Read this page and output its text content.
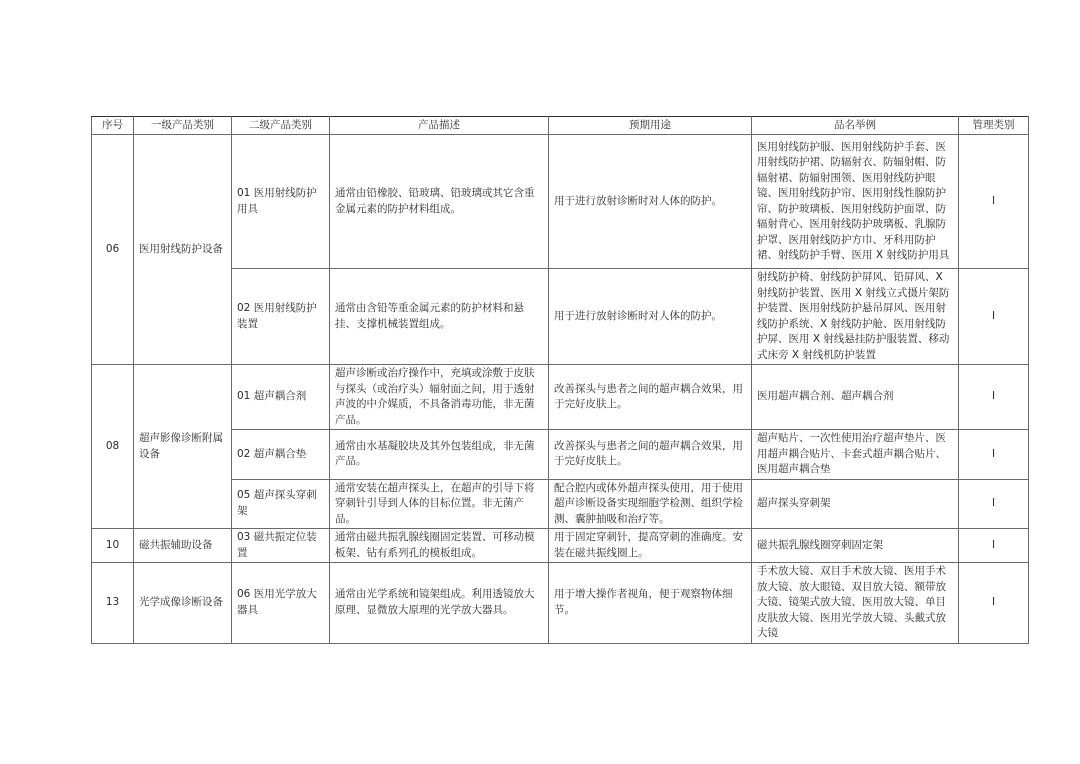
序号	一级产品类别	二级产品类别	产品描述	预期用途	品名举例	管理类别
06	医用射线防护设备	01 医用射线防护用具	通常由铅橡胶、铅玻璃、铅玻璃或其它含重金属元素的防护材料组成。	用于进行放射诊断时对人体的防护。	医用射线防护服、医用射线防护手套、医用射线防护裙、防辐射衣、防辐射帽、防辐射裙、防辐射围领、医用射线防护眼镜、医用射线防护帘、医用射线性腺防护帘、防护玻璃板、医用射线防护面罩、防辐射背心、医用射线防护玻璃板、乳腺防护罩、医用射线防护方巾、牙科用防护裙、射线防护手臂、医用 X 射线防护用具	I
		02 医用射线防护装置	通常由含铅等重金属元素的防护材料和悬挂、支撑机械装置组成。	用于进行放射诊断时对人体的防护。	射线防护椅、射线防护屏风、铅屏风、X 射线防护装置、医用 X 射线立式摄片架防护装置、医用射线防护悬吊屏风、医用射线防护系统、X 射线防护舱、医用射线防护屏、医用 X 射线悬挂防护服装置、移动式床旁 X 射线机防护装置	I
08	超声影像诊断附属设备	01 超声耦合剂	超声诊断或治疗操作中，充填或涂敷于皮肤与探头（或治疗头）辐射面之间，用于透射声波的中介媒质，不具备消毒功能，非无菌产品。	改善探头与患者之间的超声耦合效果，用于完好皮肤上。	医用超声耦合剂、超声耦合剂	I
		02 超声耦合垫	通常由水基凝胶块及其外包装组成，非无菌产品。	改善探头与患者之间的超声耦合效果，用于完好皮肤上。	超声贴片、一次性使用治疗超声垫片、医用超声耦合贴片、卡套式超声耦合贴片、医用超声耦合垫	I
		05 超声探头穿刺架	通常安装在超声探头上，在超声的引导下将穿刺针引导到人体的目标位置。非无菌产品。	配合腔内或体外超声探头使用，用于使用超声诊断设备实现细胞学检测、组织学检测、囊肿抽吸和治疗等。	超声探头穿刺架	I
10	磁共振辅助设备	03 磁共振定位装置	通常由磁共振乳腺线圈固定装置、可移动模板架、钻有系列孔的模板组成。	用于固定穿刺针，提高穿刺的准确度。安装在磁共振线圈上。	磁共振乳腺线圈穿刺固定架	I
13	光学成像诊断设备	06 医用光学放大器具	通常由光学系统和镜架组成。利用透镜放大原理、显微放大原理的光学放大器具。	用于增大操作者视角，便于观察物体细节。	手术放大镜、双目手术放大镜、医用手术放大镜、放大眼镜、双目放大镜、额带放大镜、镜架式放大镜、医用放大镜、单目皮肤放大镜、医用光学放大镜、头戴式放大镜	I
